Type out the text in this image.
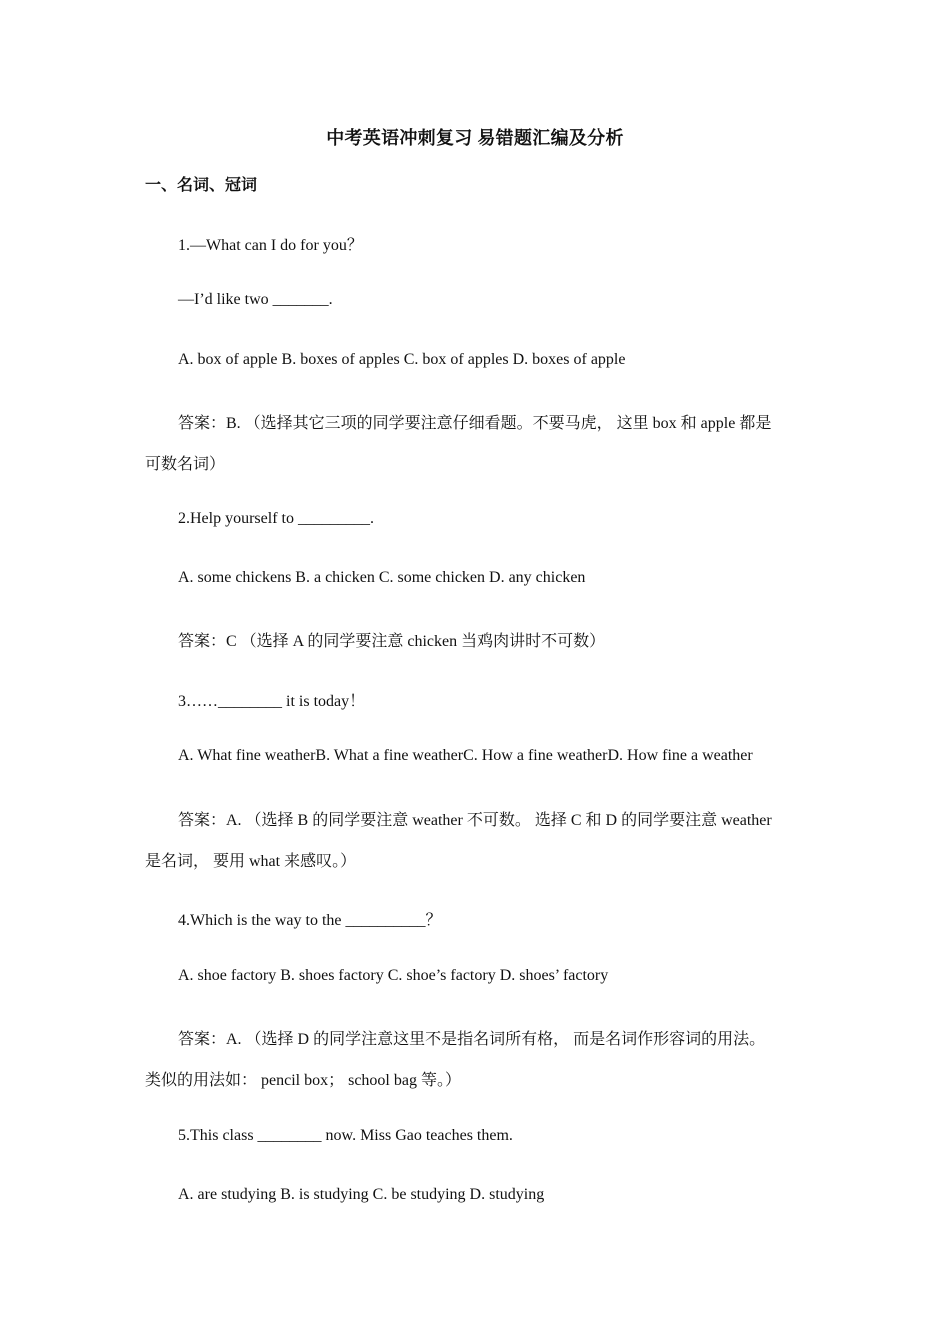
中考英语冲刺复习 易错题汇编及分析
一、名词、冠词
1.—What can I do for you？
—I’d like two _______.
A. box of apple B. boxes of apples C. box of apples D. boxes of apple
答案：B. （选择其它三项的同学要注意仔细看题。不要马虎， 这里 box 和 apple 都是
可数名词）
2.Help yourself to _________.
A. some chickens B. a chicken C. some chicken D. any chicken
答案：C （选择 A 的同学要注意 chicken 当鸡肉讲时不可数）
3……________ it is today！
A. What fine weatherB. What a fine weatherC. How a fine weatherD. How fine a weather
答案：A. （选择 B 的同学要注意 weather 不可数。 选择 C 和 D 的同学要注意 weather
是名词， 要用 what 来感叹。）
4.Which is the way to the __________？
A. shoe factory B. shoes factory C. shoe’s factory D. shoes’ factory
答案：A. （选择 D 的同学注意这里不是指名词所有格， 而是名词作形容词的用法。
类似的用法如： pencil box； school bag 等。）
5.This class ________ now. Miss Gao teaches them.
A. are studying B. is studying C. be studying D. studying
